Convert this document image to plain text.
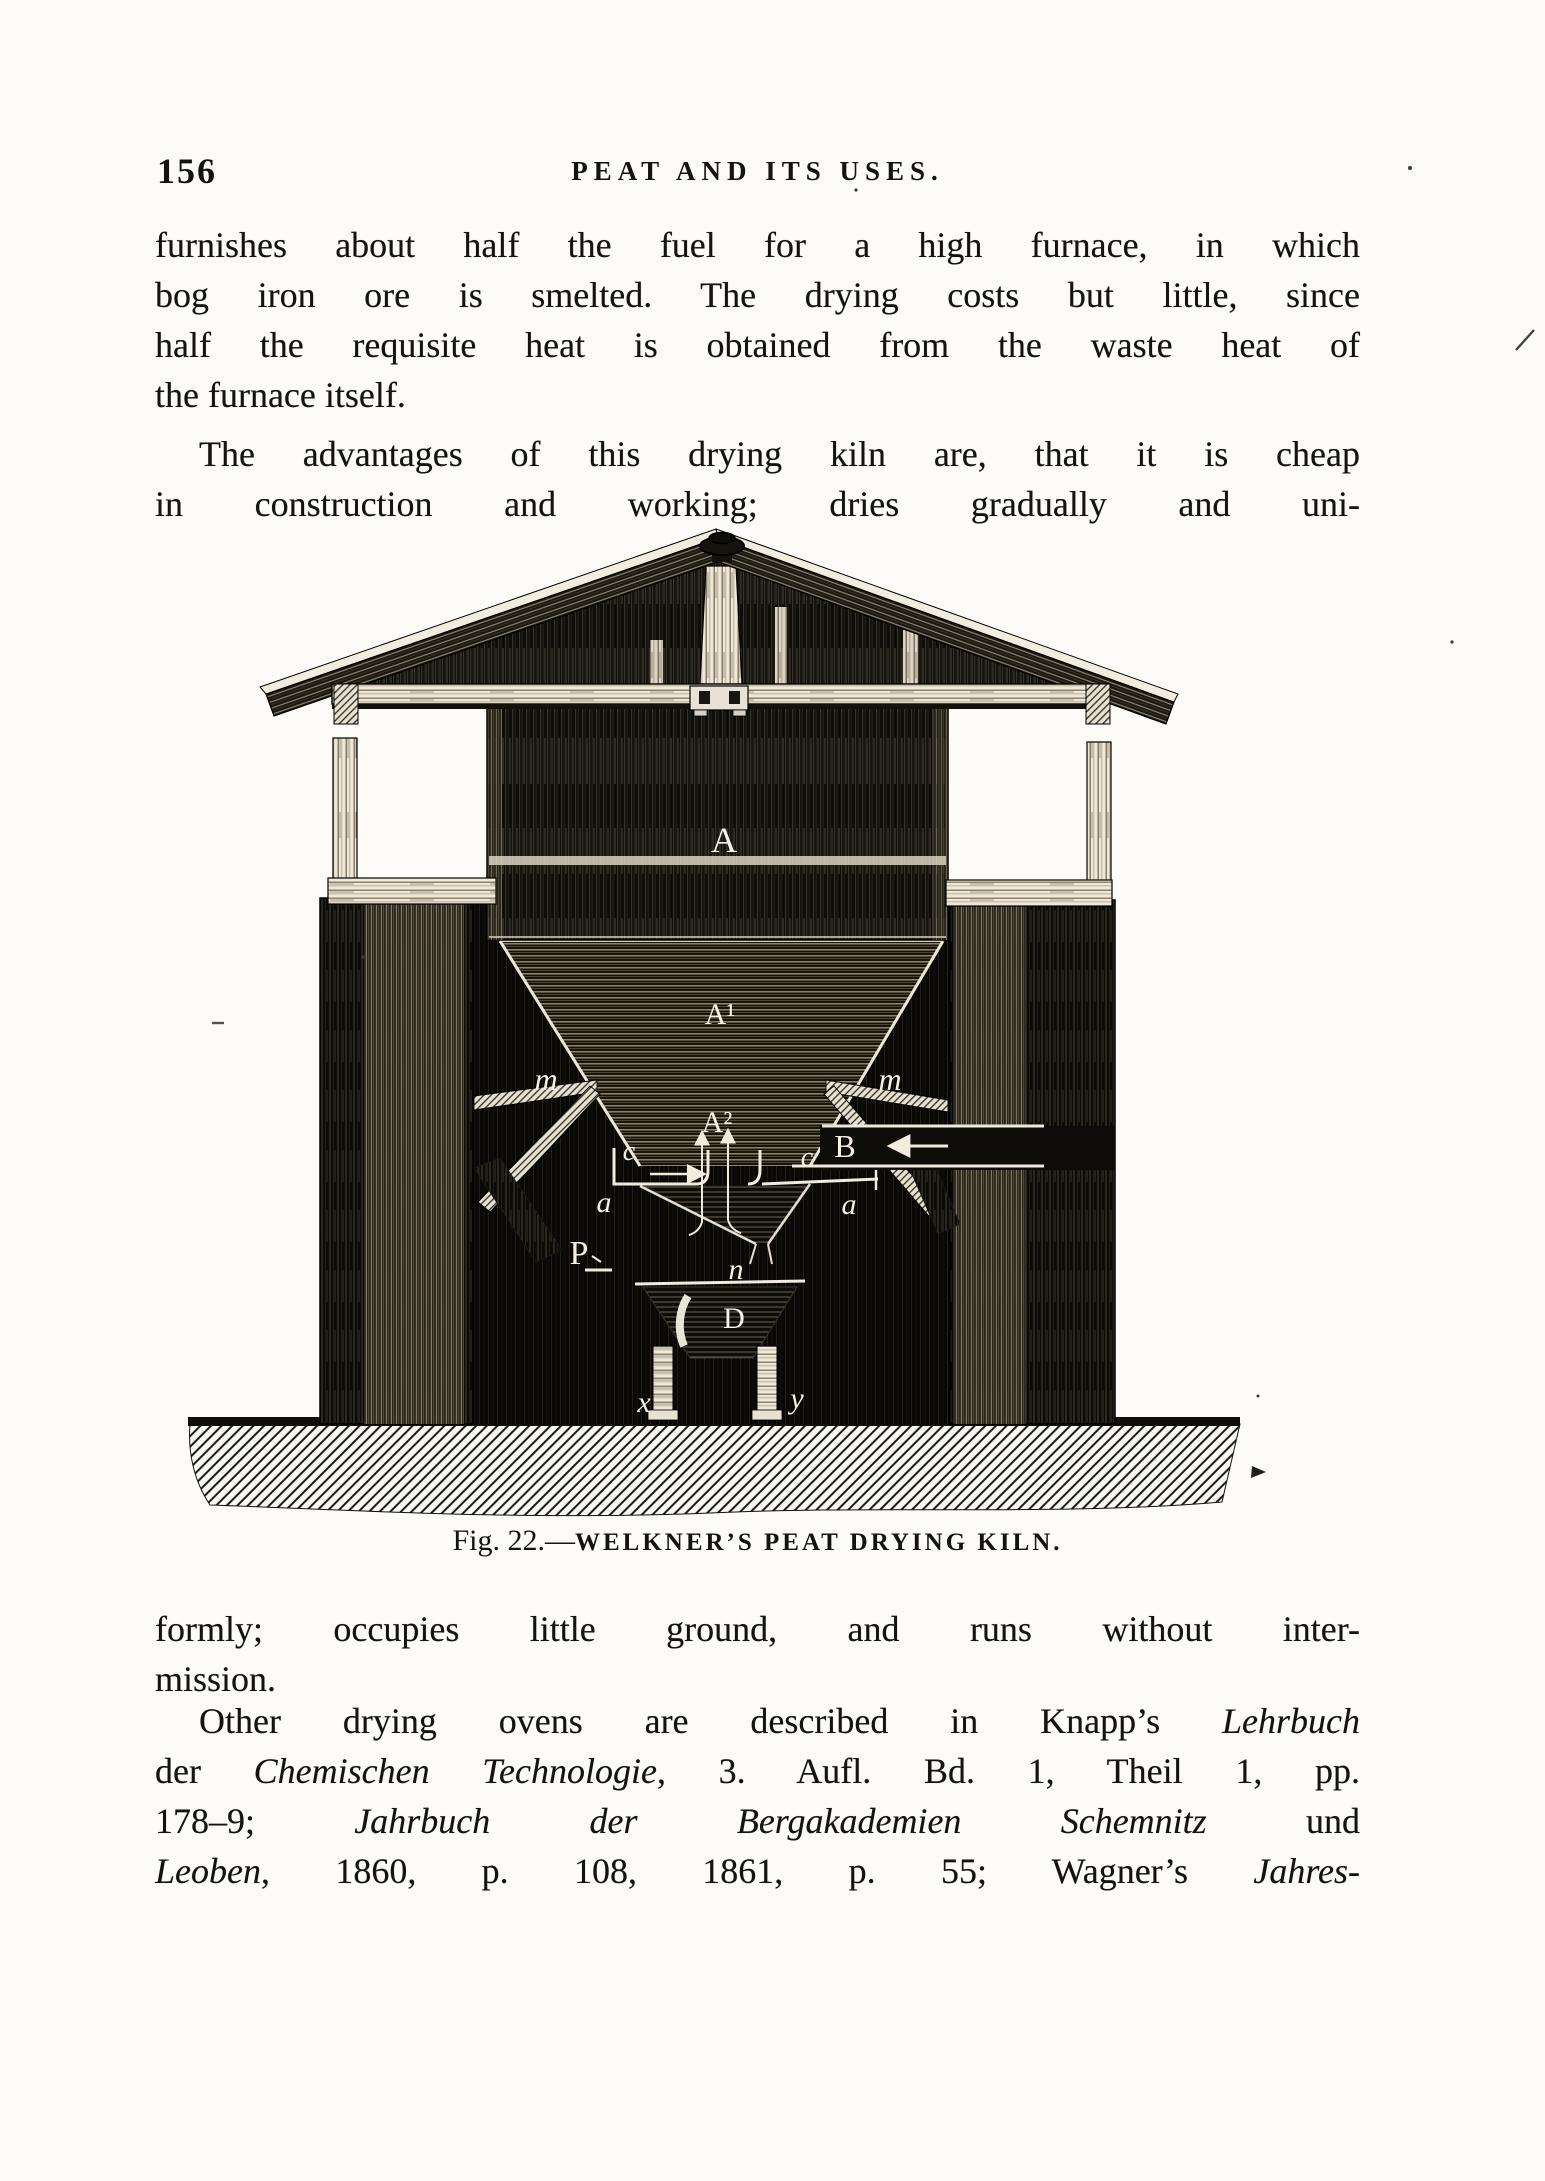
156	PEAT AND ITS USES.
furnishes about half the fuel for a high furnace, in which
bog iron ore is smelted. The drying costs but little, since
half the requisite heat is obtained from the waste heat of
the furnace itself.
The advantages of this drying kiln are, that it is cheap
in construction and working; dries gradually and uni-
A
A¹
A²
m	m
B
c	c
a	a
P	n
D
x	y
Fig. 22.—WELKNER’S PEAT DRYING KILN.
formly; occupies little ground, and runs without inter-
mission.
Other drying ovens are described in Knapp’s Lehrbuch
der Chemischen Technologie, 3. Aufl. Bd. 1, Theil 1, pp.
178–9; Jahrbuch der Bergakademien Schemnitz und
Leoben, 1860, p. 108, 1861, p. 55; Wagner’s Jahres-
